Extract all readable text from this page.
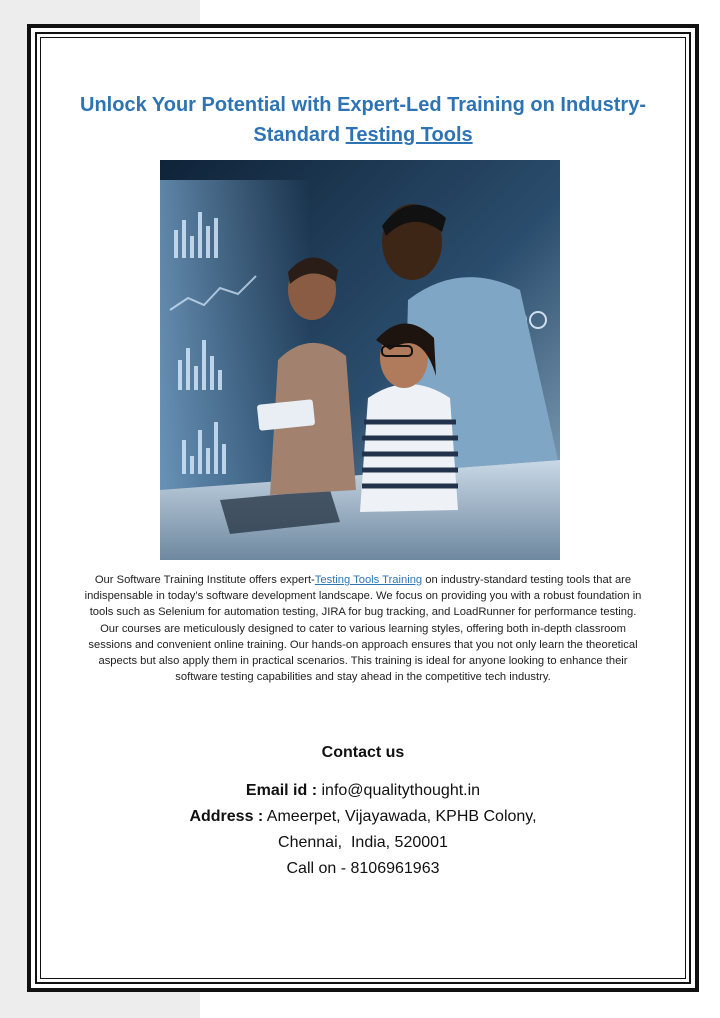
Unlock Your Potential with Expert-Led Training on Industry-Standard Testing Tools
Our Software Training Institute offers expert-Testing Tools Training on industry-standard testing tools that are indispensable in today’s software development landscape. We focus on providing you with a robust foundation in tools such as Selenium for automation testing, JIRA for bug tracking, and LoadRunner for performance testing. Our courses are meticulously designed to cater to various learning styles, offering both in-depth classroom sessions and convenient online training. Our hands-on approach ensures that you not only learn the theoretical aspects but also apply them in practical scenarios. This training is ideal for anyone looking to enhance their software testing capabilities and stay ahead in the competitive tech industry.
Contact us
Email id : info@qualitythought.in
Address : Ameerpet, Vijayawada, KPHB Colony,
Chennai,  India, 520001
Call on - 8106961963
